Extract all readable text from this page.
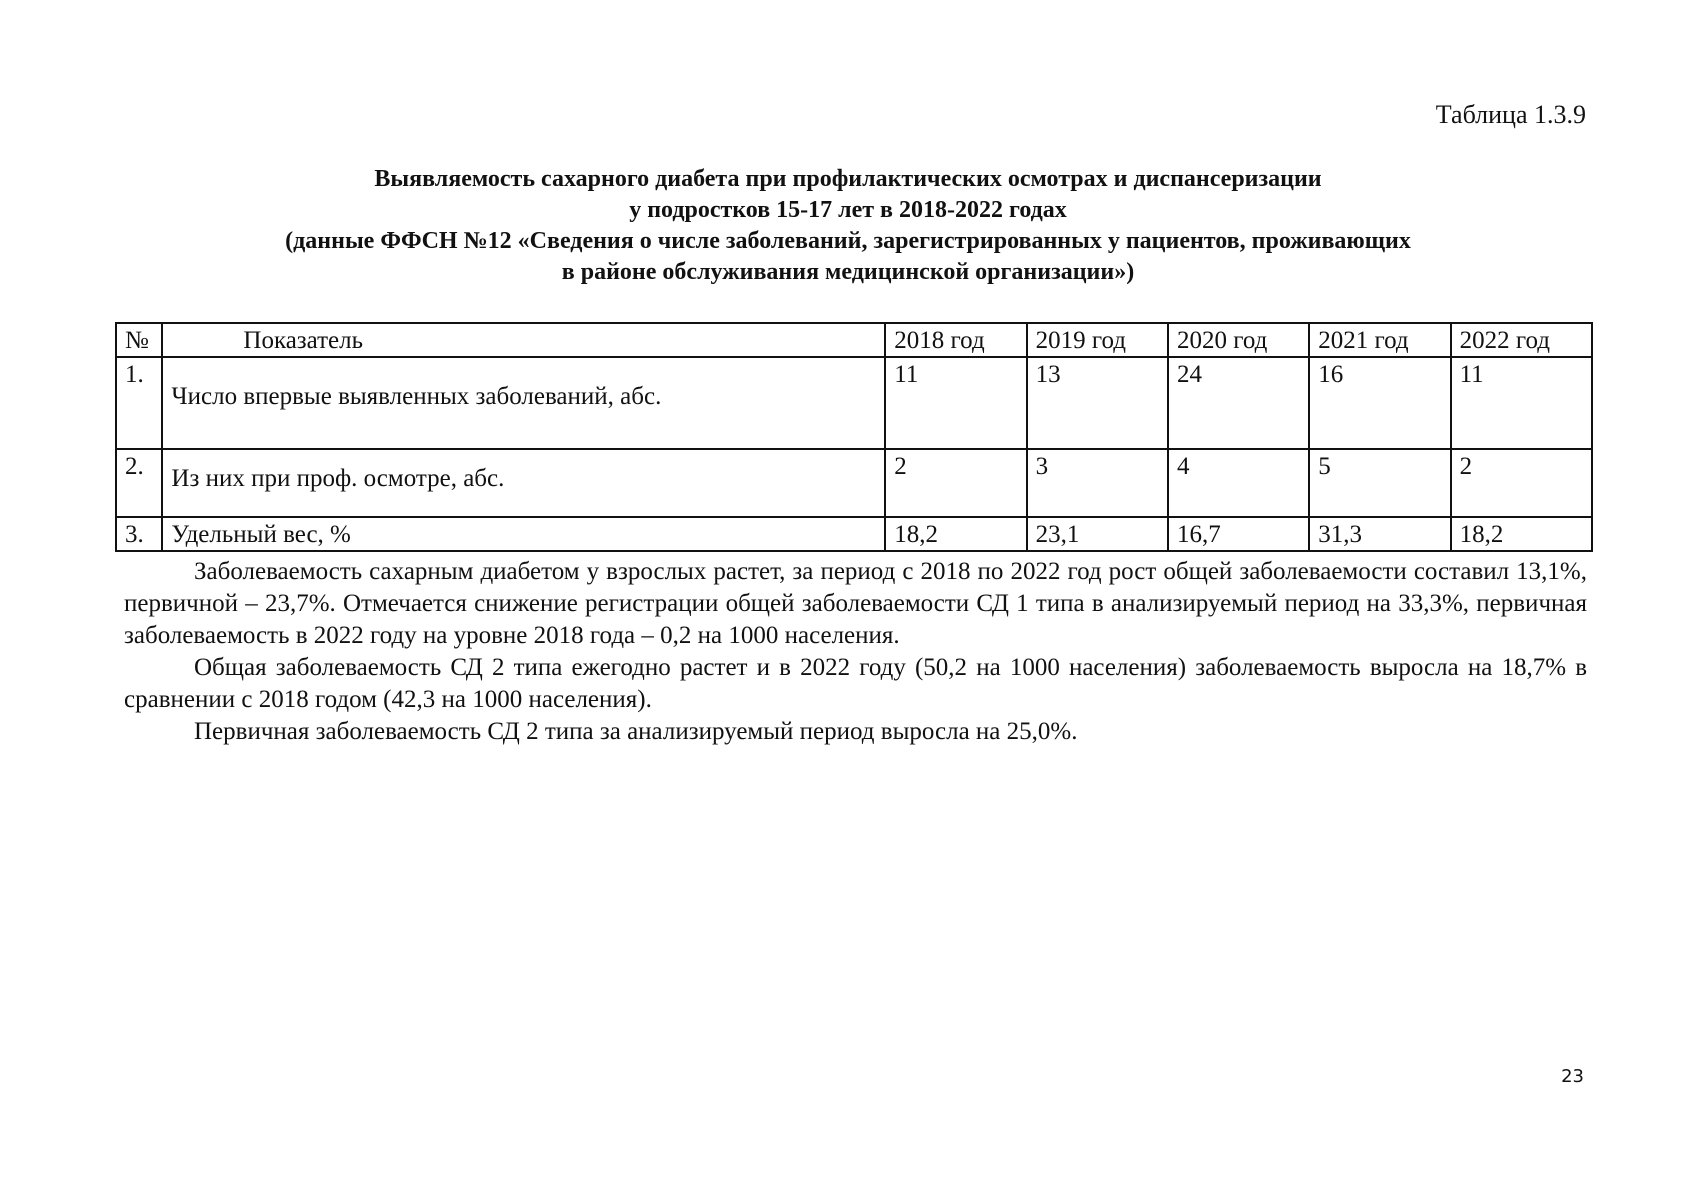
Таблица 1.3.9
Выявляемость сахарного диабета при профилактических осмотрах и диспансеризации
у подростков 15-17 лет в 2018-2022 годах
(данные ФФСН №12 «Сведения о числе заболеваний, зарегистрированных у пациентов, проживающих
в районе обслуживания медицинской организации»)
№	Показатель	2018 год	2019 год	2020 год	2021 год	2022 год
1.	Число впервые выявленных заболеваний, абс.	11	13	24	16	11
2.	Из них при проф. осмотре, абс.	2	3	4	5	2
3.	Удельный вес, %	18,2	23,1	16,7	31,3	18,2

Заболеваемость сахарным диабетом у взрослых растет, за период с 2018 по 2022 год рост общей заболеваемости составил 13,1%, первичной – 23,7%. Отмечается снижение регистрации общей заболеваемости СД 1 типа в анализируемый период на 33,3%, первичная заболеваемость в 2022 году на уровне 2018 года – 0,2 на 1000 населения.

Общая заболеваемость СД 2 типа ежегодно растет и в 2022 году (50,2 на 1000 населения) заболеваемость выросла на 18,7% в сравнении с 2018 годом (42,3 на 1000 населения).

Первичная заболеваемость СД 2 типа за анализируемый период выросла на 25,0%.

23
